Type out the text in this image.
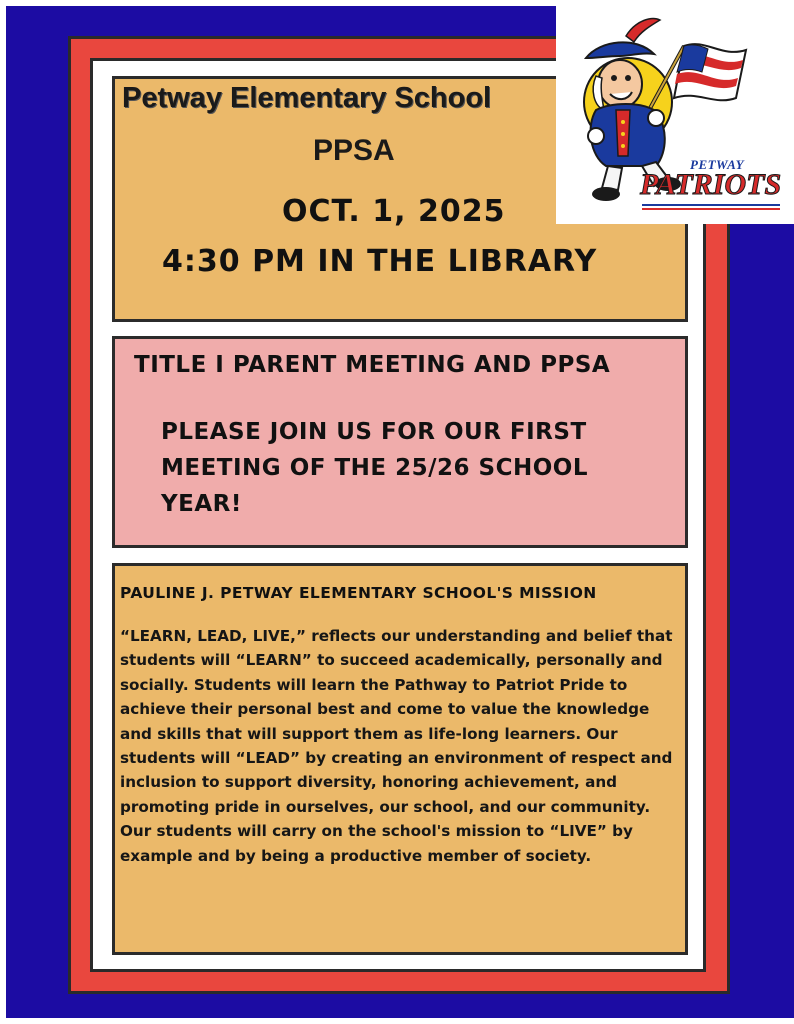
Petway Elementary School

PPSA

OCT. 1, 2025

4:30 PM IN THE LIBRARY

TITLE I PARENT MEETING AND PPSA

PLEASE JOIN US FOR OUR FIRST MEETING OF THE 25/26 SCHOOL YEAR!

PAULINE J. PETWAY ELEMENTARY SCHOOL'S MISSION

“LEARN, LEAD, LIVE,” reflects our understanding and belief that students will “LEARN” to succeed academically, personally and socially. Students will learn the Pathway to Patriot Pride to achieve their personal best and come to value the knowledge and skills that will support them as life-long learners. Our students will “LEAD” by creating an environment of respect and inclusion to support diversity, honoring achievement, and promoting pride in ourselves, our school, and our community. Our students will carry on the school's mission to “LIVE” by example and by being a productive member of society.

PETWAY
PATRIOTS
